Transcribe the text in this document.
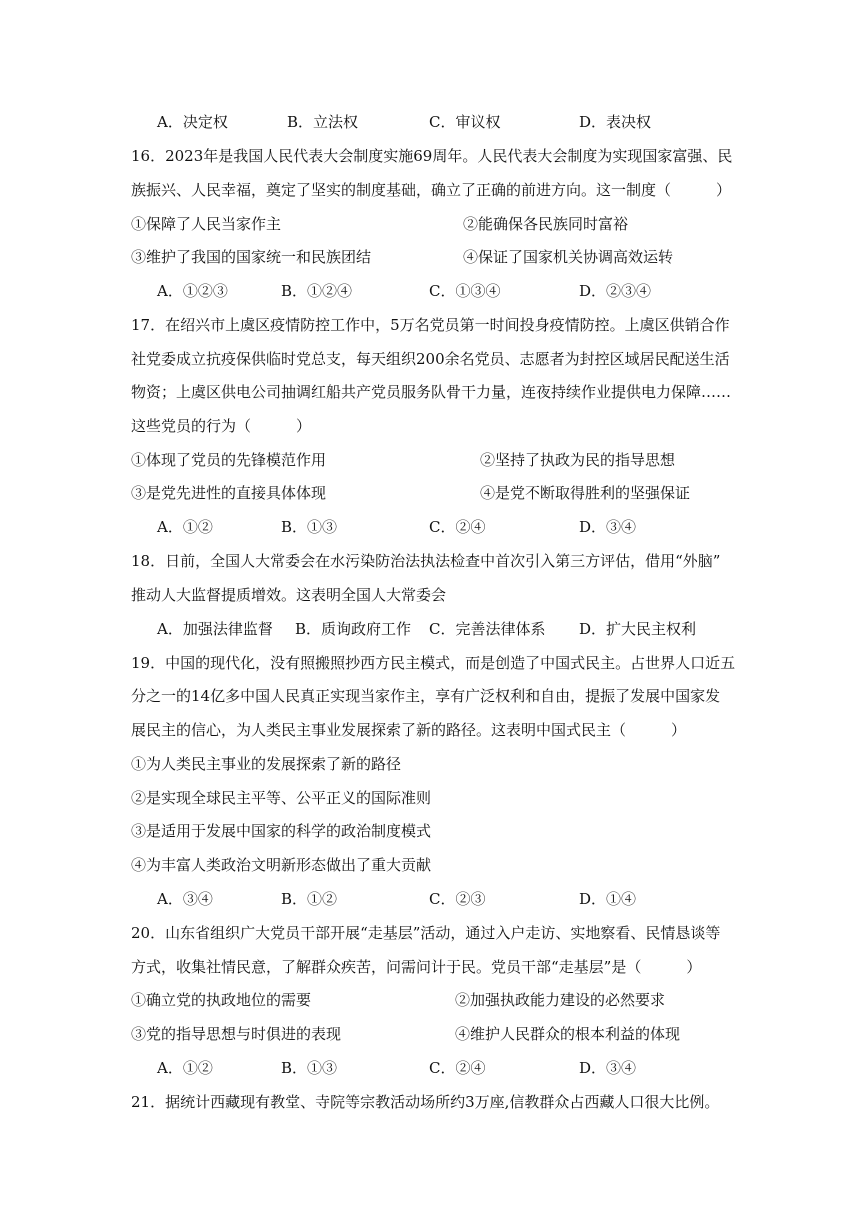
A．决定权	B．立法权	C．审议权	D．表决权
16．2023年是我国人民代表大会制度实施69周年。人民代表大会制度为实现国家富强、民
族振兴、人民幸福，奠定了坚实的制度基础，确立了正确的前进方向。这一制度（　　　）
①保障了人民当家作主	②能确保各民族同时富裕
③维护了我国的国家统一和民族团结	④保证了国家机关协调高效运转
A．①②③	B．①②④	C．①③④	D．②③④
17．在绍兴市上虞区疫情防控工作中，5万名党员第一时间投身疫情防控。上虞区供销合作
社党委成立抗疫保供临时党总支，每天组织200余名党员、志愿者为封控区域居民配送生活
物资；上虞区供电公司抽调红船共产党员服务队骨干力量，连夜持续作业提供电力保障……
这些党员的行为（　　　）
①体现了党员的先锋模范作用	②坚持了执政为民的指导思想
③是党先进性的直接具体体现	④是党不断取得胜利的坚强保证
A．①②	B．①③	C．②④	D．③④
18．日前，全国人大常委会在水污染防治法执法检查中首次引入第三方评估，借用“外脑”
推动人大监督提质增效。这表明全国人大常委会
A．加强法律监督 B．质询政府工作 C．完善法律体系 D．扩大民主权利
19．中国的现代化，没有照搬照抄西方民主模式，而是创造了中国式民主。占世界人口近五
分之一的14亿多中国人民真正实现当家作主，享有广泛权利和自由，提振了发展中国家发
展民主的信心，为人类民主事业发展探索了新的路径。这表明中国式民主（　　　）
①为人类民主事业的发展探索了新的路径
②是实现全球民主平等、公平正义的国际准则
③是适用于发展中国家的科学的政治制度模式
④为丰富人类政治文明新形态做出了重大贡献
A．③④	B．①②	C．②③	D．①④
20．山东省组织广大党员干部开展“走基层”活动，通过入户走访、实地察看、民情恳谈等
方式，收集社情民意，了解群众疾苦，问需问计于民。党员干部“走基层”是（　　　）
①确立党的执政地位的需要	②加强执政能力建设的必然要求
③党的指导思想与时俱进的表现	④维护人民群众的根本利益的体现
A．①②	B．①③	C．②④	D．③④
21．据统计西藏现有教堂、寺院等宗教活动场所约3万座,信教群众占西藏人口很大比例。
